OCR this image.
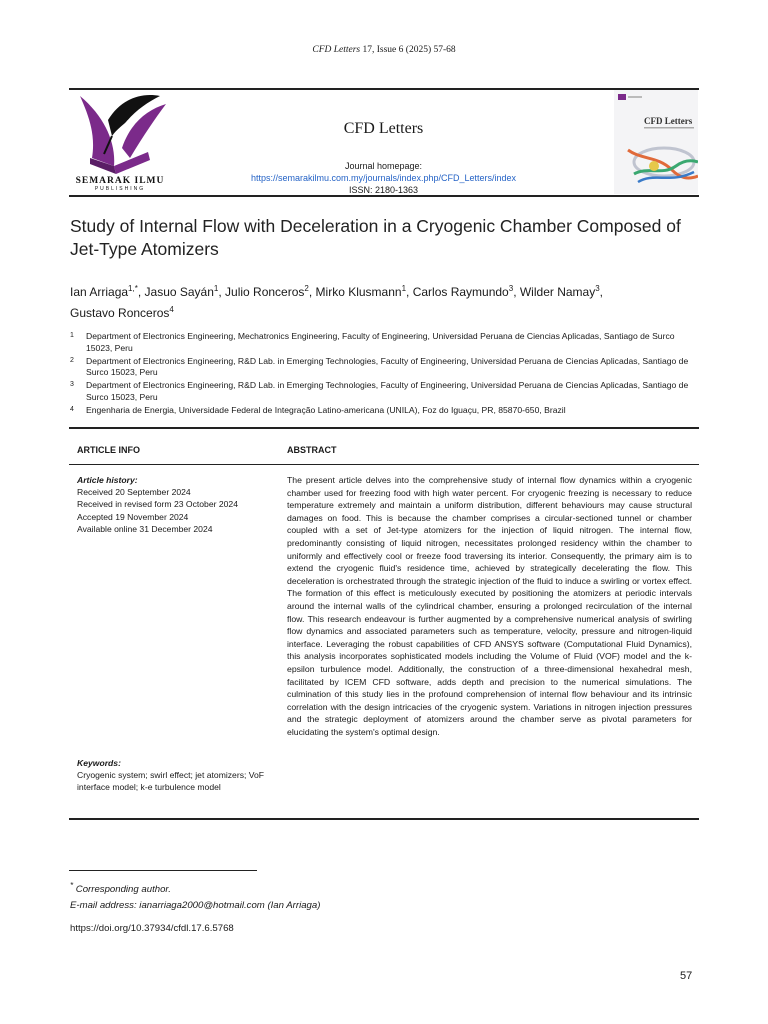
CFD Letters 17, Issue 6 (2025) 57-68
SEMARAK ILMU
PUBLISHING
CFD Letters
Journal homepage:
https://semarakilmu.com.my/journals/index.php/CFD_Letters/index
ISSN: 2180-1363
CFD Letters
Study of Internal Flow with Deceleration in a Cryogenic Chamber Composed of Jet-Type Atomizers
Ian Arriaga$^{1,*}$, Jasuo Sayán$^1$, Julio Ronceros$^2$, Mirko Klusmann$^1$, Carlos Raymundo$^3$, Wilder Namay$^3$,
Gustavo Ronceros$^4$
1 Department of Electronics Engineering, Mechatronics Engineering, Faculty of Engineering, Universidad Peruana de Ciencias Aplicadas, Santiago de Surco 15023, Peru
2 Department of Electronics Engineering, R&D Lab. in Emerging Technologies, Faculty of Engineering, Universidad Peruana de Ciencias Aplicadas, Santiago de Surco 15023, Peru
3 Department of Electronics Engineering, R&D Lab. in Emerging Technologies, Faculty of Engineering, Universidad Peruana de Ciencias Aplicadas, Santiago de Surco 15023, Peru
4 Engenharia de Energia, Universidade Federal de Integração Latino-americana (UNILA), Foz do Iguaçu, PR, 85870-650, Brazil
ARTICLE INFO	ABSTRACT
Article history:
Received 20 September 2024
Received in revised form 23 October 2024
Accepted 19 November 2024
Available online 31 December 2024
Keywords:
Cryogenic system; swirl effect; jet atomizers; VoF interface model; k-e turbulence model
The present article delves into the comprehensive study of internal flow dynamics within a cryogenic chamber used for freezing food with high water percent. For cryogenic freezing is necessary to reduce temperature extremely and maintain a uniform distribution, different behaviours may cause structural damages on food. This is because the chamber comprises a circular-sectioned tunnel or chamber coupled with a set of Jet-type atomizers for the injection of liquid nitrogen. The internal flow, predominantly consisting of liquid nitrogen, necessitates prolonged residency within the chamber to uniformly and effectively cool or freeze food traversing its interior. Consequently, the primary aim is to extend the cryogenic fluid's residence time, achieved by strategically decelerating the flow. This deceleration is orchestrated through the strategic injection of the fluid to induce a swirling or vortex effect. The formation of this effect is meticulously executed by positioning the atomizers at periodic intervals around the internal walls of the cylindrical chamber, ensuring a prolonged recirculation of the internal flow. This research endeavour is further augmented by a comprehensive numerical analysis of swirling flow dynamics and associated parameters such as temperature, velocity, pressure and nitrogen-liquid interface. Leveraging the robust capabilities of CFD ANSYS software (Computational Fluid Dynamics), this analysis incorporates sophisticated models including the Volume of Fluid (VOF) model and the k-epsilon turbulence model. Additionally, the construction of a three-dimensional hexahedral mesh, facilitated by ICEM CFD software, adds depth and precision to the numerical simulations. The culmination of this study lies in the profound comprehension of internal flow behaviour and its intrinsic correlation with the design intricacies of the cryogenic system. Variations in nitrogen injection pressures and the strategic deployment of atomizers around the chamber serve as pivotal parameters for elucidating the system's optimal design.
* Corresponding author.
E-mail address: ianarriaga2000@hotmail.com (Ian Arriaga)
https://doi.org/10.37934/cfdl.17.6.5768
57
